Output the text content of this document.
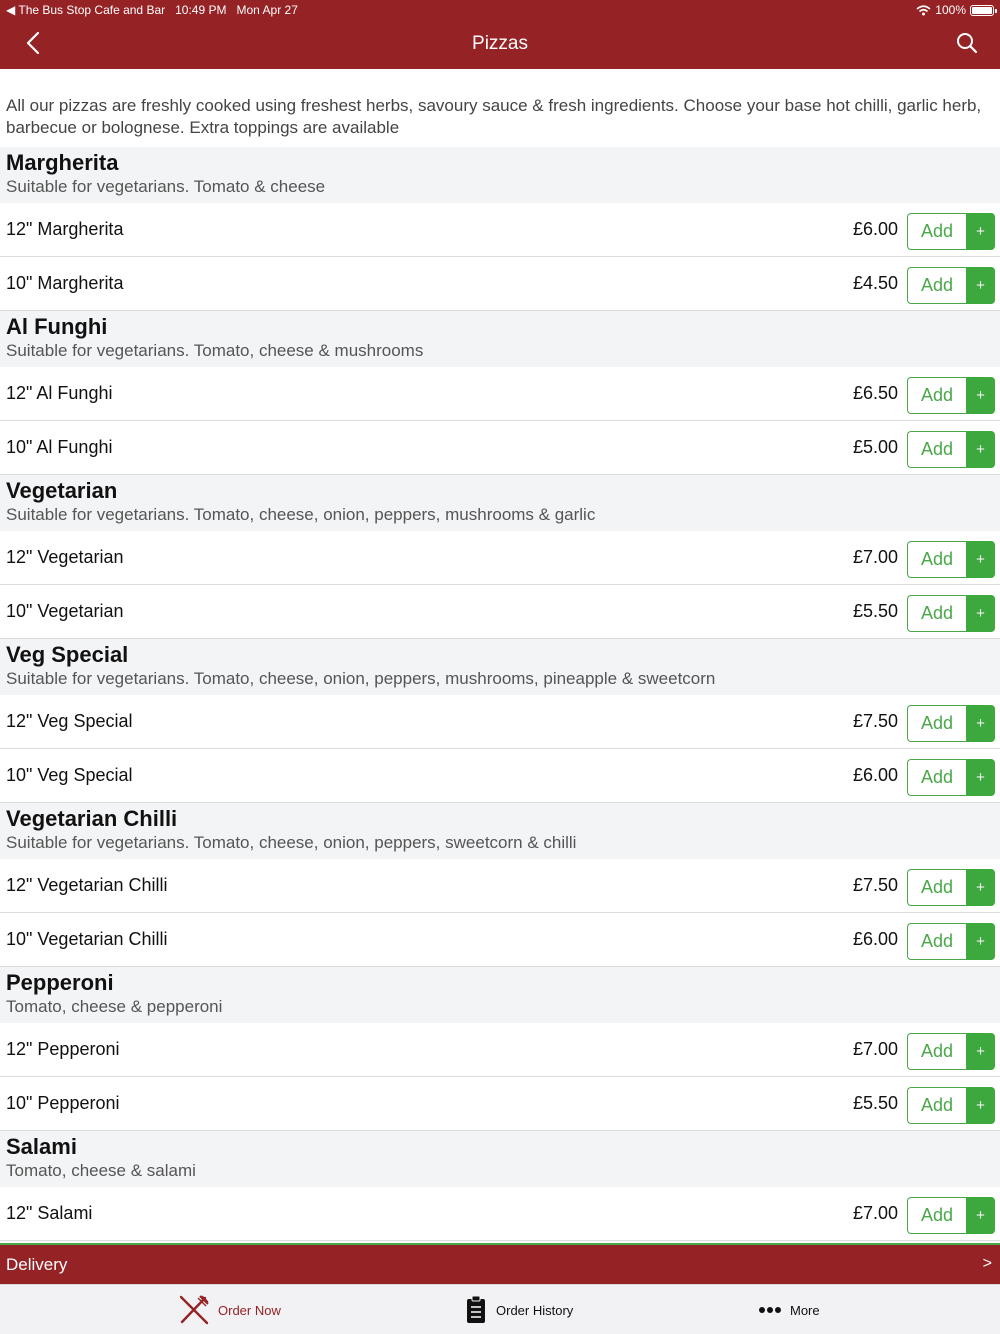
◀ The Bus Stop Cafe and Bar 10:49 PM Mon Apr 27	100%
Pizzas
All our pizzas are freshly cooked using freshest herbs, savoury sauce & fresh ingredients. Choose your base hot chilli, garlic herb, barbecue or bolognese. Extra toppings are available
Margherita
Suitable for vegetarians. Tomato & cheese
12" Margherita	£6.00	Add	+
10" Margherita	£4.50	Add	+
Al Funghi
Suitable for vegetarians. Tomato, cheese & mushrooms
12" Al Funghi	£6.50	Add	+
10" Al Funghi	£5.00	Add	+
Vegetarian
Suitable for vegetarians. Tomato, cheese, onion, peppers, mushrooms & garlic
12" Vegetarian	£7.00	Add	+
10" Vegetarian	£5.50	Add	+
Veg Special
Suitable for vegetarians. Tomato, cheese, onion, peppers, mushrooms, pineapple & sweetcorn
12" Veg Special	£7.50	Add	+
10" Veg Special	£6.00	Add	+
Vegetarian Chilli
Suitable for vegetarians. Tomato, cheese, onion, peppers, sweetcorn & chilli
12" Vegetarian Chilli	£7.50	Add	+
10" Vegetarian Chilli	£6.00	Add	+
Pepperoni
Tomato, cheese & pepperoni
12" Pepperoni	£7.00	Add	+
10" Pepperoni	£5.50	Add	+
Salami
Tomato, cheese & salami
12" Salami	£7.00	Add	+
Delivery	>
Order Now	Order History	More
